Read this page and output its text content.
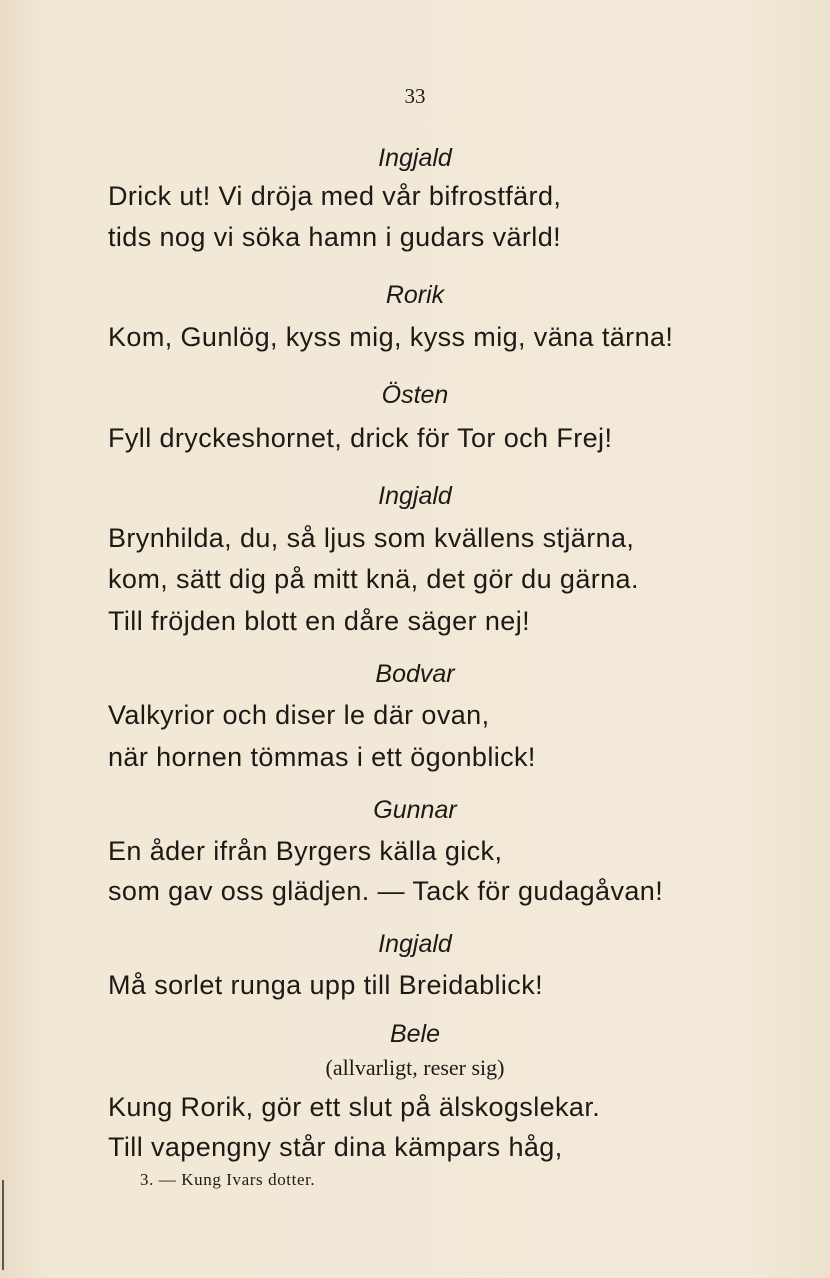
33
Ingjald
Drick ut! Vi dröja med vår bifrostfärd,
tids nog vi söka hamn i gudars värld!
Rorik
Kom, Gunlög, kyss mig, kyss mig, väna tärna!
Östen
Fyll dryckeshornet, drick för Tor och Frej!
Ingjald
Brynhilda, du, så ljus som kvällens stjärna,
kom, sätt dig på mitt knä, det gör du gärna.
Till fröjden blott en dåre säger nej!
Bodvar
Valkyrior och diser le där ovan,
när hornen tömmas i ett ögonblick!
Gunnar
En åder ifrån Byrgers källa gick,
som gav oss glädjen. — Tack för gudagåvan!
Ingjald
Må sorlet runga upp till Breidablick!
Bele
(allvarligt, reser sig)
Kung Rorik, gör ett slut på älskogslekar.
Till vapengny står dina kämpars håg,
3. — Kung Ivars dotter.
